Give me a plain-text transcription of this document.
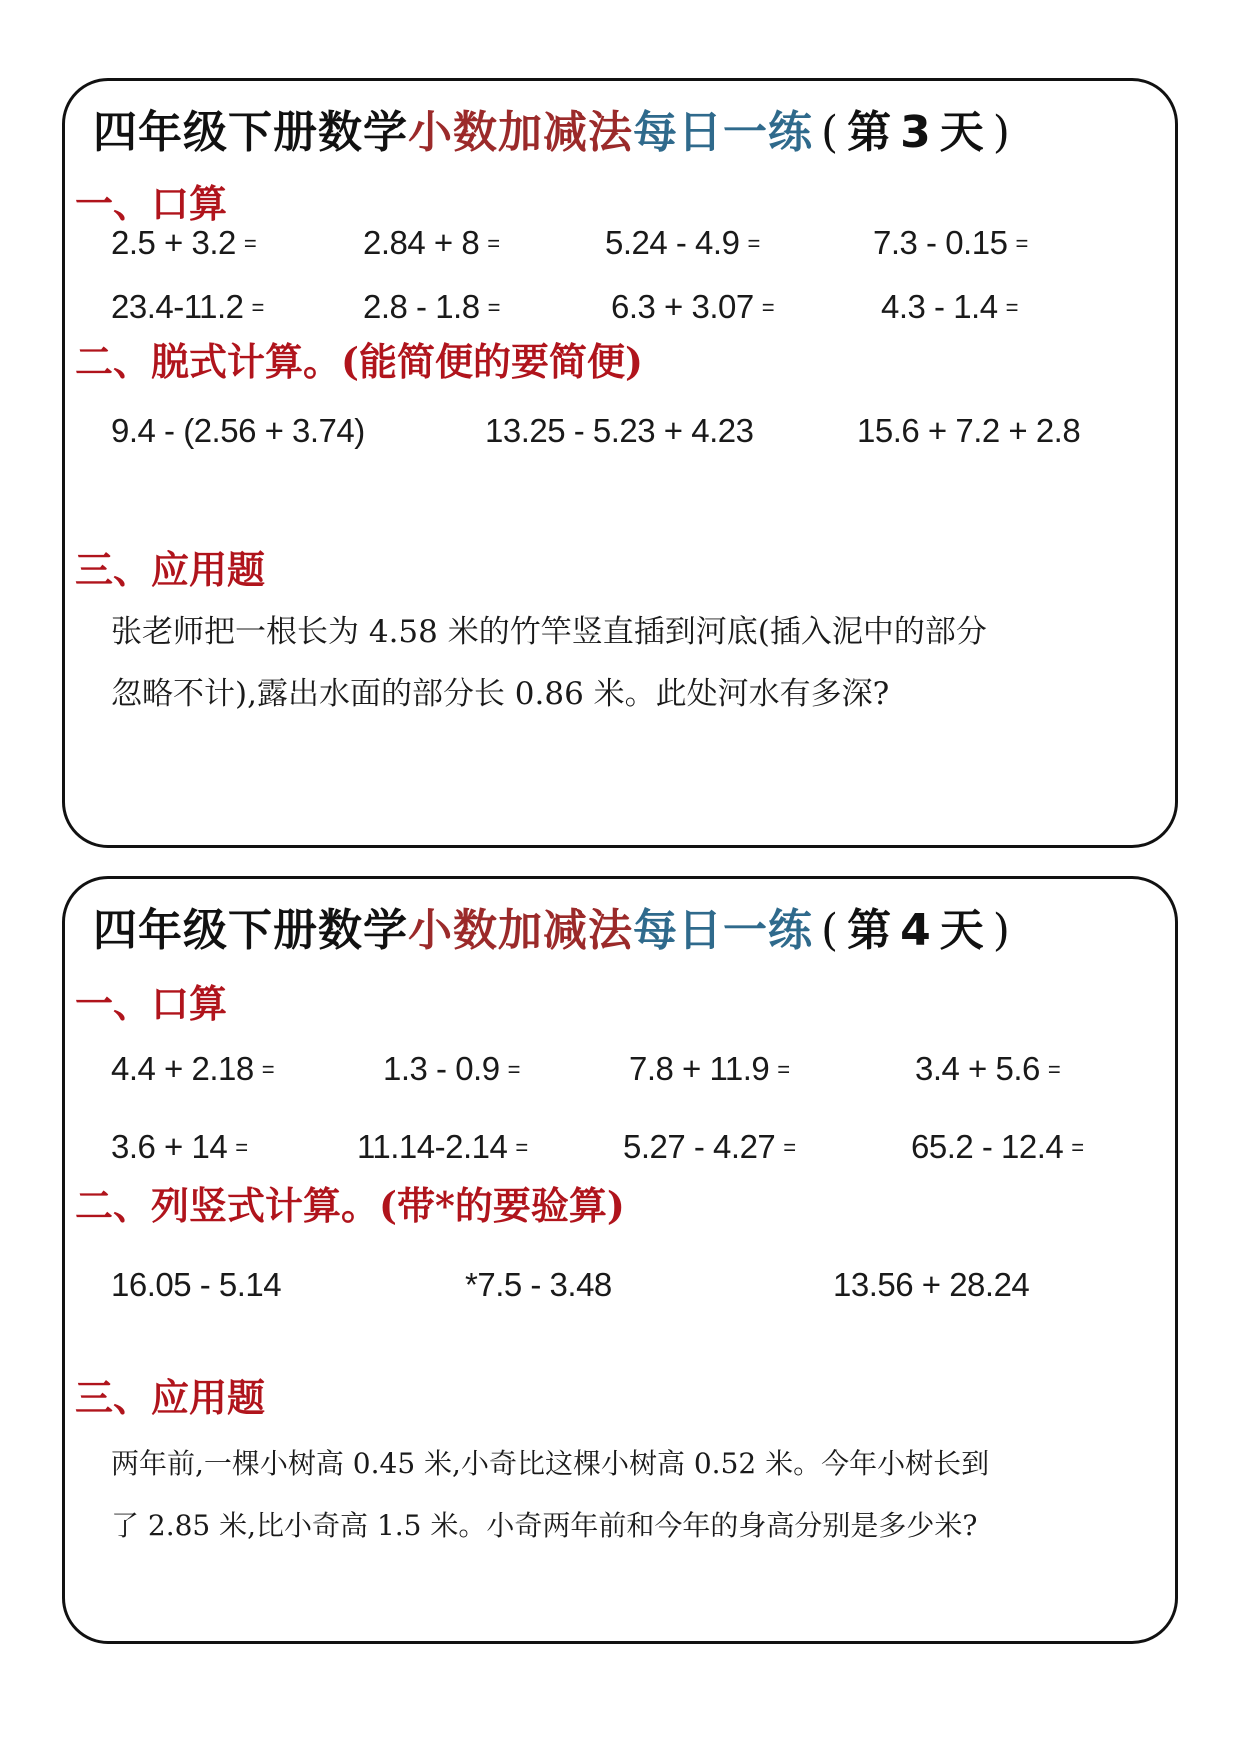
四年级下册数学小数加减法每日一练 ( 第 3 天 )
一、口算
2.5 + 3.2 =	2.84 + 8 =	5.24 - 4.9 =	7.3 - 0.15 =
23.4-11.2 =	2.8 - 1.8 =	6.3 + 3.07 =	4.3 - 1.4 =
二、脱式计算。(能简便的要简便)
9.4 - (2.56 + 3.74)	13.25 - 5.23 + 4.23	15.6 + 7.2 + 2.8
三、应用题
张老师把一根长为 4.58 米的竹竿竖直插到河底(插入泥中的部分
忽略不计),露出水面的部分长 0.86 米。此处河水有多深?
四年级下册数学小数加减法每日一练 ( 第 4 天 )
一、口算
4.4 + 2.18 =	1.3 - 0.9 =	7.8 + 11.9 =	3.4 + 5.6 =
3.6 + 14 =	11.14-2.14 =	5.27 - 4.27 =	65.2 - 12.4 =
二、列竖式计算。(带*的要验算)
16.05 - 5.14	*7.5 - 3.48	13.56 + 28.24
三、应用题
两年前,一棵小树高 0.45 米,小奇比这棵小树高 0.52 米。今年小树长到
了 2.85 米,比小奇高 1.5 米。小奇两年前和今年的身高分别是多少米?
